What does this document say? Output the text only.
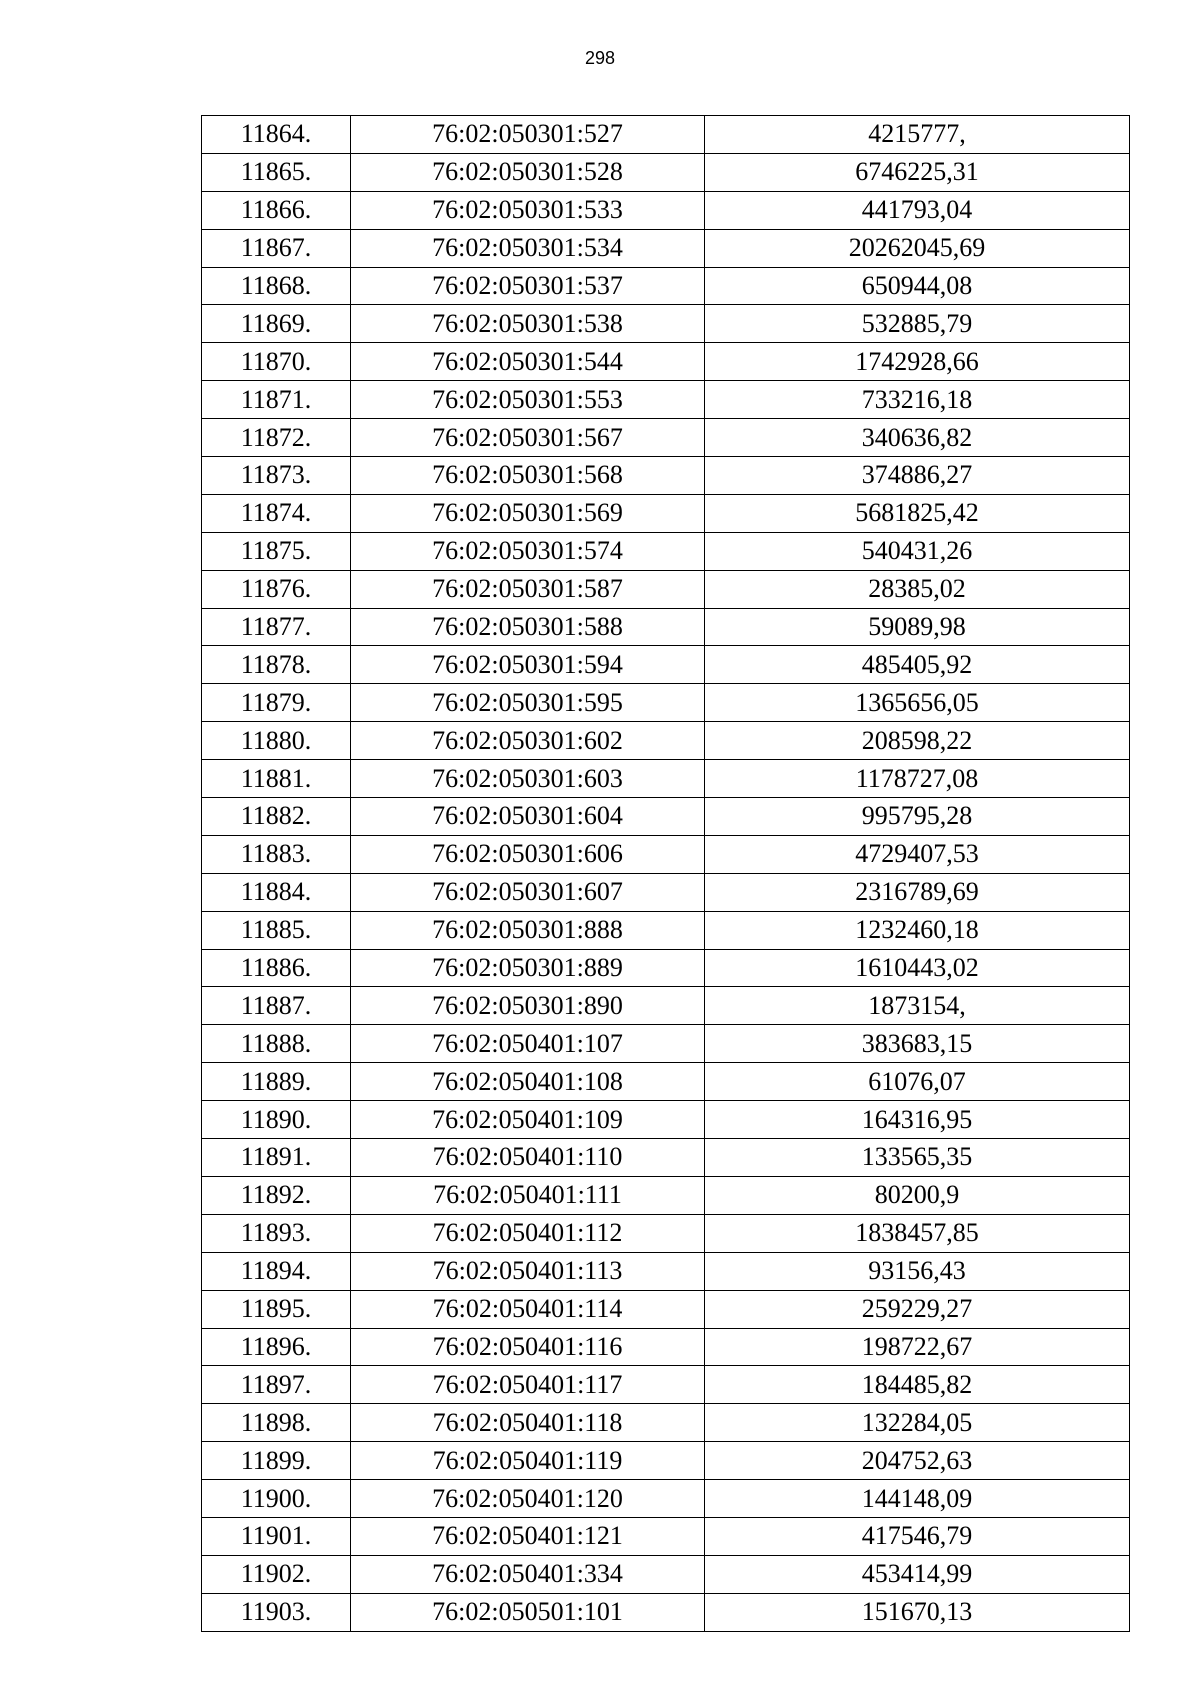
298
11864.	76:02:050301:527	4215777,
11865.	76:02:050301:528	6746225,31
11866.	76:02:050301:533	441793,04
11867.	76:02:050301:534	20262045,69
11868.	76:02:050301:537	650944,08
11869.	76:02:050301:538	532885,79
11870.	76:02:050301:544	1742928,66
11871.	76:02:050301:553	733216,18
11872.	76:02:050301:567	340636,82
11873.	76:02:050301:568	374886,27
11874.	76:02:050301:569	5681825,42
11875.	76:02:050301:574	540431,26
11876.	76:02:050301:587	28385,02
11877.	76:02:050301:588	59089,98
11878.	76:02:050301:594	485405,92
11879.	76:02:050301:595	1365656,05
11880.	76:02:050301:602	208598,22
11881.	76:02:050301:603	1178727,08
11882.	76:02:050301:604	995795,28
11883.	76:02:050301:606	4729407,53
11884.	76:02:050301:607	2316789,69
11885.	76:02:050301:888	1232460,18
11886.	76:02:050301:889	1610443,02
11887.	76:02:050301:890	1873154,
11888.	76:02:050401:107	383683,15
11889.	76:02:050401:108	61076,07
11890.	76:02:050401:109	164316,95
11891.	76:02:050401:110	133565,35
11892.	76:02:050401:111	80200,9
11893.	76:02:050401:112	1838457,85
11894.	76:02:050401:113	93156,43
11895.	76:02:050401:114	259229,27
11896.	76:02:050401:116	198722,67
11897.	76:02:050401:117	184485,82
11898.	76:02:050401:118	132284,05
11899.	76:02:050401:119	204752,63
11900.	76:02:050401:120	144148,09
11901.	76:02:050401:121	417546,79
11902.	76:02:050401:334	453414,99
11903.	76:02:050501:101	151670,13
